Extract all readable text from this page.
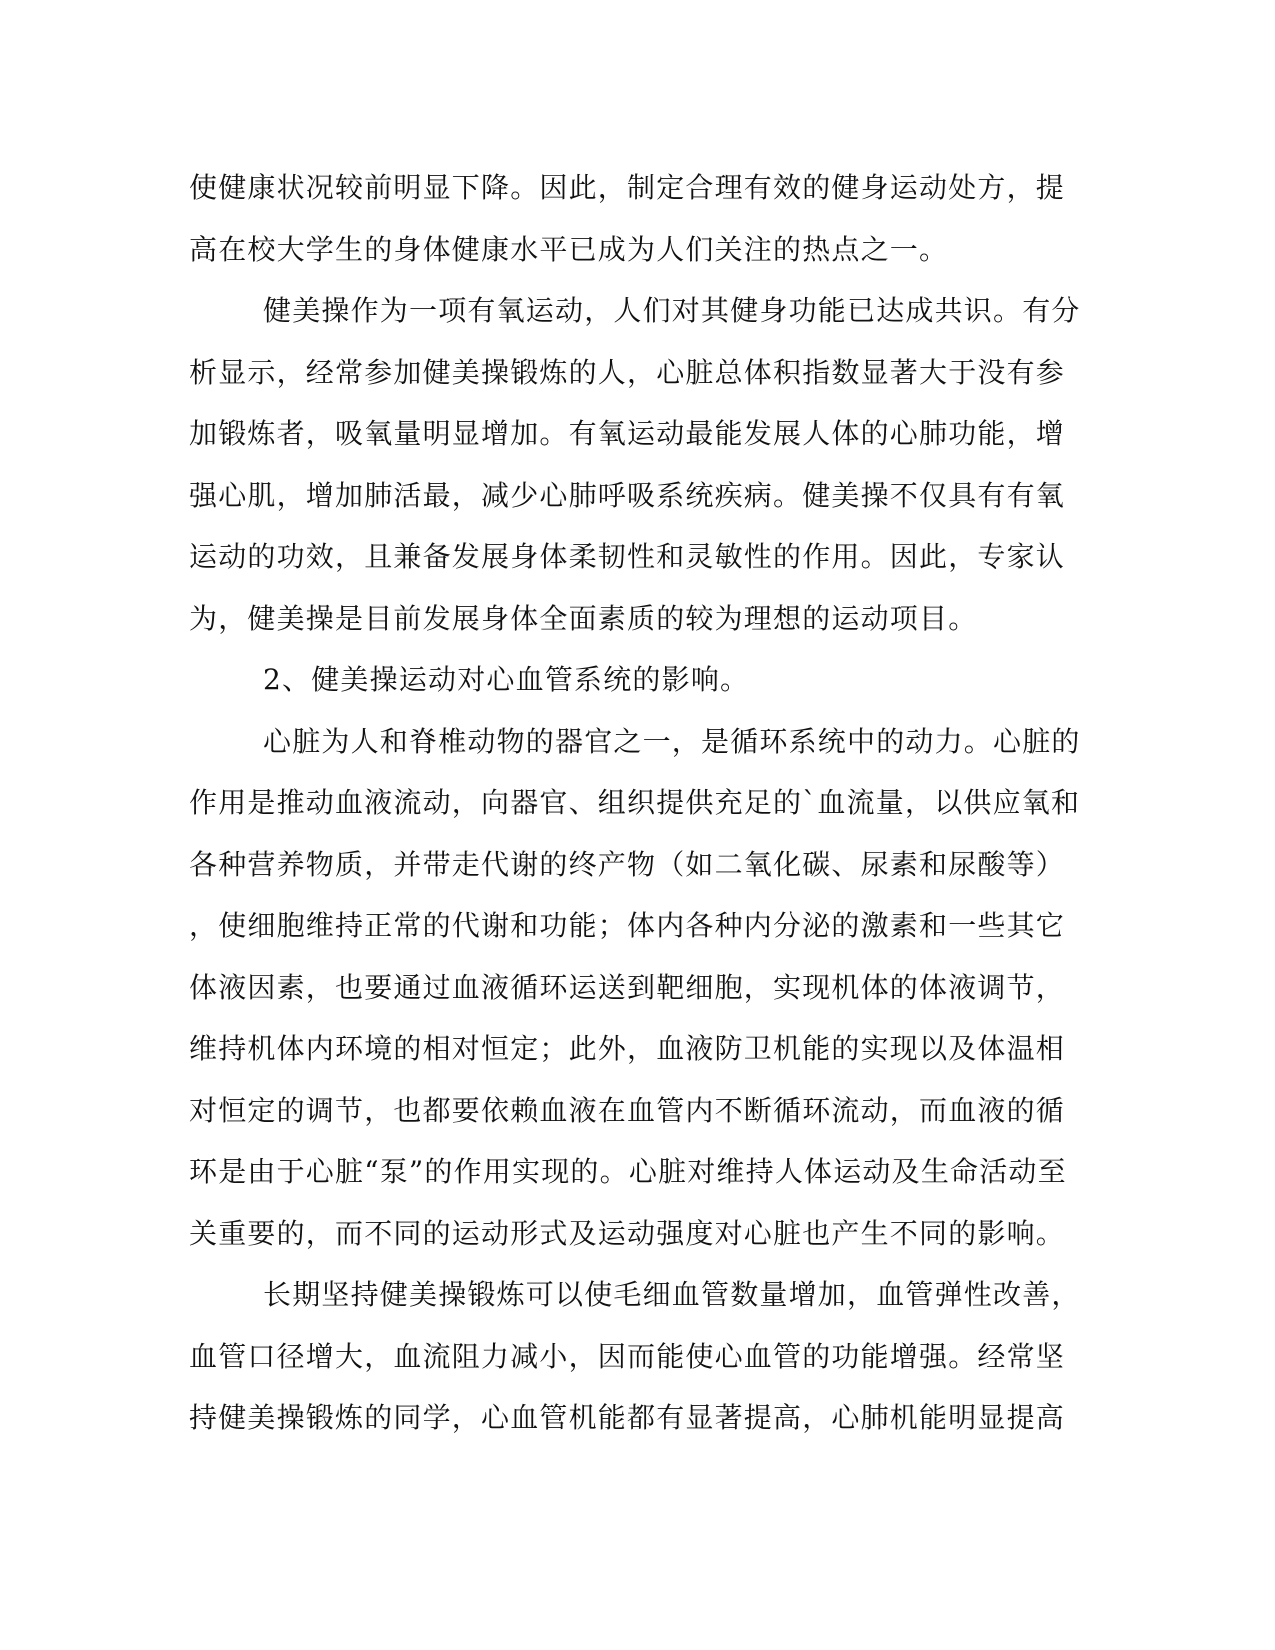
使健康状况较前明显下降。因此，制定合理有效的健身运动处方，提
高在校大学生的身体健康水平已成为人们关注的热点之一。
健美操作为一项有氧运动，人们对其健身功能已达成共识。有分
析显示，经常参加健美操锻炼的人，心脏总体积指数显著大于没有参
加锻炼者，吸氧量明显增加。有氧运动最能发展人体的心肺功能，增
强心肌，增加肺活最，减少心肺呼吸系统疾病。健美操不仅具有有氧
运动的功效，且兼备发展身体柔韧性和灵敏性的作用。因此，专家认
为，健美操是目前发展身体全面素质的较为理想的运动项目。
2、健美操运动对心血管系统的影响。
心脏为人和脊椎动物的器官之一，是循环系统中的动力。心脏的
作用是推动血液流动，向器官、组织提供充足的`血流量，以供应氧和
各种营养物质，并带走代谢的终产物（如二氧化碳、尿素和尿酸等）
，使细胞维持正常的代谢和功能；体内各种内分泌的激素和一些其它
体液因素，也要通过血液循环运送到靶细胞，实现机体的体液调节，
维持机体内环境的相对恒定；此外，血液防卫机能的实现以及体温相
对恒定的调节，也都要依赖血液在血管内不断循环流动，而血液的循
环是由于心脏“泵”的作用实现的。心脏对维持人体运动及生命活动至
关重要的，而不同的运动形式及运动强度对心脏也产生不同的影响。
长期坚持健美操锻炼可以使毛细血管数量增加，血管弹性改善，
血管口径增大，血流阻力减小，因而能使心血管的功能增强。经常坚
持健美操锻炼的同学，心血管机能都有显著提高，心肺机能明显提高
